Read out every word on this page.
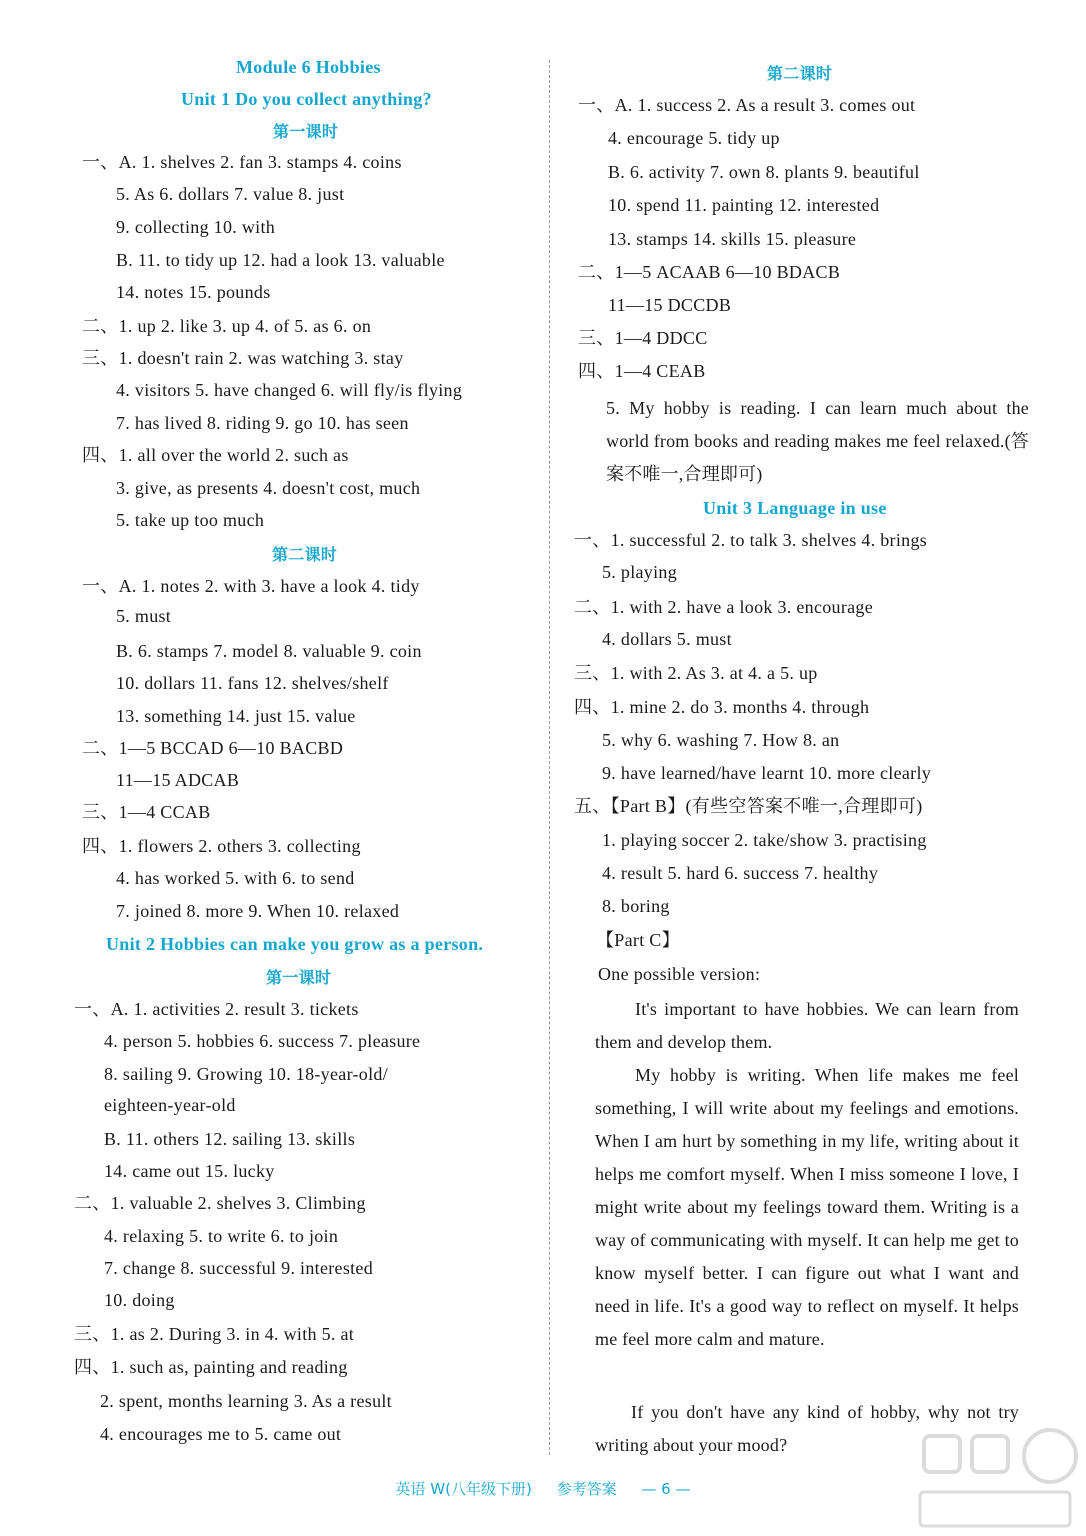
Module 6 Hobbies
Unit 1 Do you collect anything?
第一课时
一、A. 1. shelves 2. fan 3. stamps 4. coins
5. As 6. dollars 7. value 8. just
9. collecting 10. with
B. 11. to tidy up 12. had a look 13. valuable
14. notes 15. pounds
二、1. up 2. like 3. up 4. of 5. as 6. on
三、1. doesn't rain 2. was watching 3. stay
4. visitors 5. have changed 6. will fly/is flying
7. has lived 8. riding 9. go 10. has seen
四、1. all over the world 2. such as
3. give, as presents 4. doesn't cost, much
5. take up too much
第二课时
一、A. 1. notes 2. with 3. have a look 4. tidy
5. must
B. 6. stamps 7. model 8. valuable 9. coin
10. dollars 11. fans 12. shelves/shelf
13. something 14. just 15. value
二、1—5 BCCAD 6—10 BACBD
11—15 ADCAB
三、1—4 CCAB
四、1. flowers 2. others 3. collecting
4. has worked 5. with 6. to send
7. joined 8. more 9. When 10. relaxed
Unit 2 Hobbies can make you grow as a person.
第一课时
一、A. 1. activities 2. result 3. tickets
4. person 5. hobbies 6. success 7. pleasure
8. sailing 9. Growing 10. 18-year-old/
eighteen-year-old
B. 11. others 12. sailing 13. skills
14. came out 15. lucky
二、1. valuable 2. shelves 3. Climbing
4. relaxing 5. to write 6. to join
7. change 8. successful 9. interested
10. doing
三、1. as 2. During 3. in 4. with 5. at
四、1. such as, painting and reading
2. spent, months learning 3. As a result
4. encourages me to 5. came out
第二课时
一、A. 1. success 2. As a result 3. comes out
4. encourage 5. tidy up
B. 6. activity 7. own 8. plants 9. beautiful
10. spend 11. painting 12. interested
13. stamps 14. skills 15. pleasure
二、1—5 ACAAB 6—10 BDACB
11—15 DCCDB
三、1—4 DDCC
四、1—4 CEAB
5. My hobby is reading. I can learn much about the world from books and reading makes me feel relaxed.(答案不唯一,合理即可)
Unit 3 Language in use
一、1. successful 2. to talk 3. shelves 4. brings
5. playing
二、1. with 2. have a look 3. encourage
4. dollars 5. must
三、1. with 2. As 3. at 4. a 5. up
四、1. mine 2. do 3. months 4. through
5. why 6. washing 7. How 8. an
9. have learned/have learnt 10. more clearly
五、【Part B】(有些空答案不唯一,合理即可)
1. playing soccer 2. take/show 3. practising
4. result 5. hard 6. success 7. healthy
8. boring
【Part C】
One possible version:
It's important to have hobbies. We can learn from them and develop them.
My hobby is writing. When life makes me feel something, I will write about my feelings and emotions. When I am hurt by something in my life, writing about it helps me comfort myself. When I miss someone I love, I might write about my feelings toward them. Writing is a way of communicating with myself. It can help me get to know myself better. I can figure out what I want and need in life. It's a good way to reflect on myself. It helps me feel more calm and mature.
If you don't have any kind of hobby, why not try writing about your mood?
英语 W(八年级下册) 参考答案 — 6 —
